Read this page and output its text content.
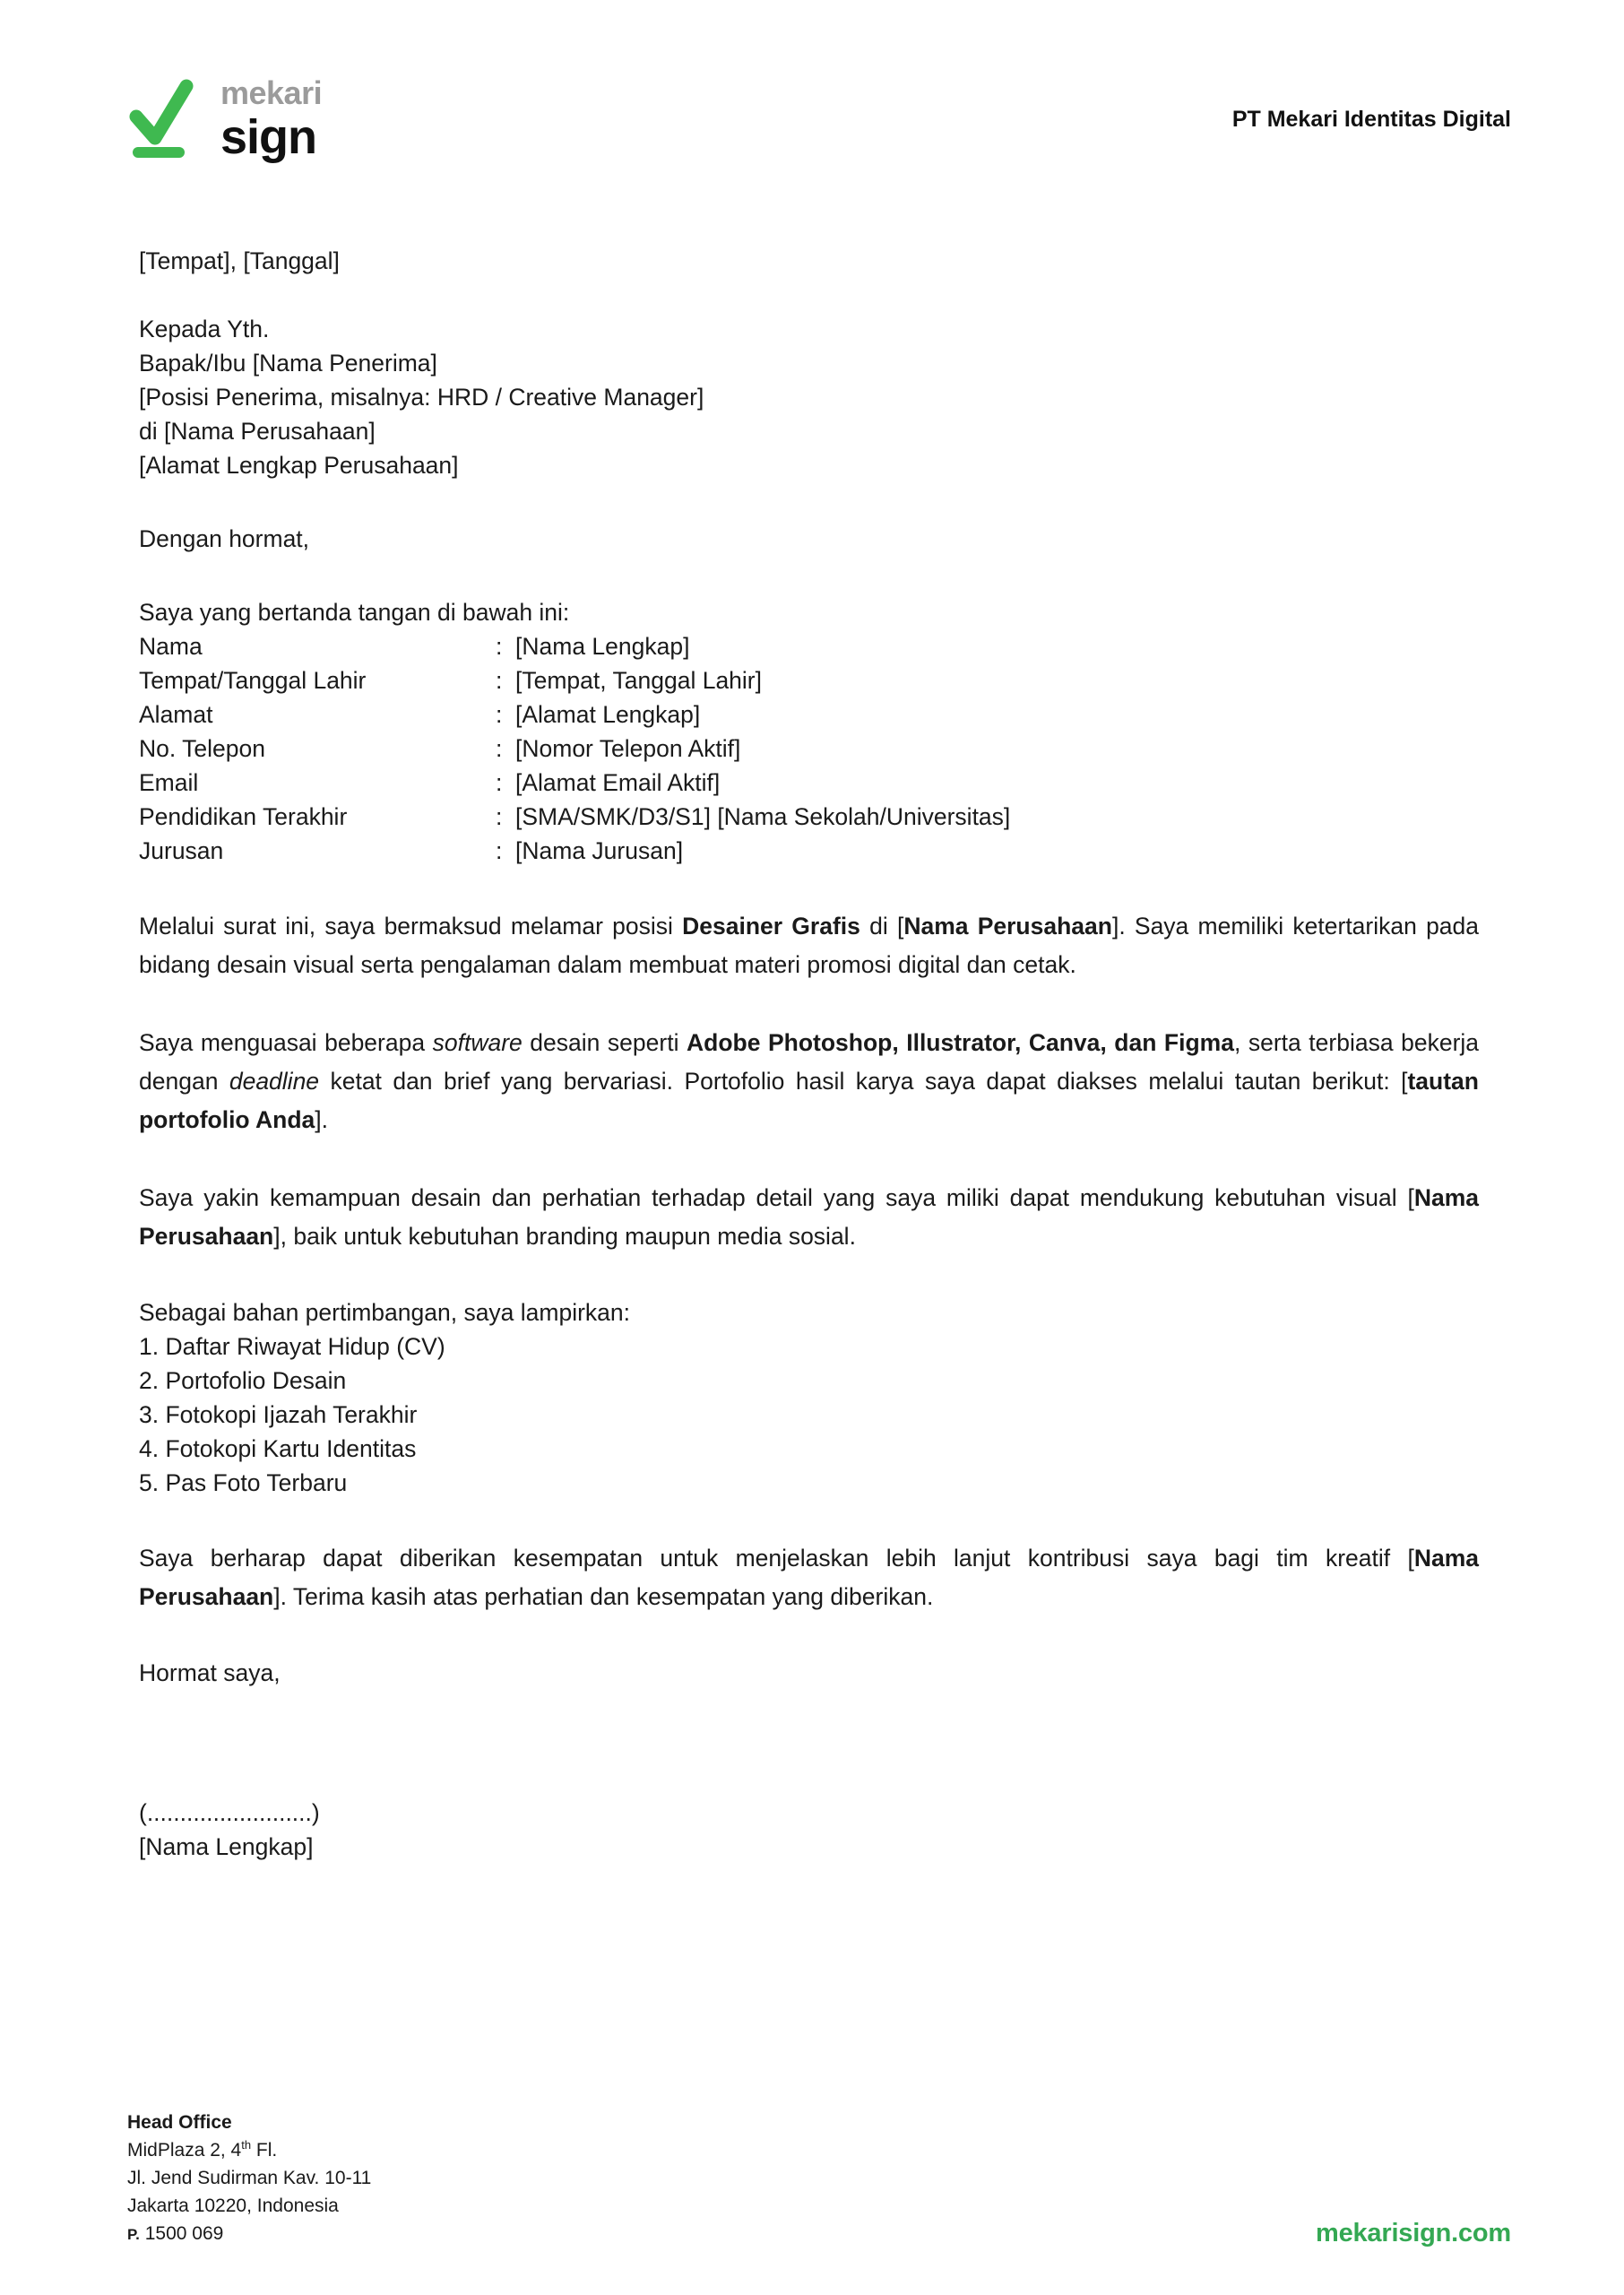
mekari
sign	PT Mekari Identitas Digital
[Tempat], [Tanggal]
Kepada Yth.
Bapak/Ibu [Nama Penerima]
[Posisi Penerima, misalnya: HRD / Creative Manager]
di [Nama Perusahaan]
[Alamat Lengkap Perusahaan]
Dengan hormat,
Saya yang bertanda tangan di bawah ini:
Nama	:	[Nama Lengkap]
Tempat/Tanggal Lahir	:	[Tempat, Tanggal Lahir]
Alamat	:	[Alamat Lengkap]
No. Telepon	:	[Nomor Telepon Aktif]
Email	:	[Alamat Email Aktif]
Pendidikan Terakhir	:	[SMA/SMK/D3/S1] [Nama Sekolah/Universitas]
Jurusan	:	[Nama Jurusan]

Melalui surat ini, saya bermaksud melamar posisi Desainer Grafis di [Nama Perusahaan]. Saya memiliki ketertarikan pada bidang desain visual serta pengalaman dalam membuat materi promosi digital dan cetak.

Saya menguasai beberapa software desain seperti Adobe Photoshop, Illustrator, Canva, dan Figma, serta terbiasa bekerja dengan deadline ketat dan brief yang bervariasi. Portofolio hasil karya saya dapat diakses melalui tautan berikut: [tautan portofolio Anda].

Saya yakin kemampuan desain dan perhatian terhadap detail yang saya miliki dapat mendukung kebutuhan visual [Nama Perusahaan], baik untuk kebutuhan branding maupun media sosial.

Sebagai bahan pertimbangan, saya lampirkan:
1. Daftar Riwayat Hidup (CV)
2. Portofolio Desain
3. Fotokopi Ijazah Terakhir
4. Fotokopi Kartu Identitas
5. Pas Foto Terbaru

Saya berharap dapat diberikan kesempatan untuk menjelaskan lebih lanjut kontribusi saya bagi tim kreatif [Nama Perusahaan]. Terima kasih atas perhatian dan kesempatan yang diberikan.

Hormat saya,
(.........................)
[Nama Lengkap]
Head Office
MidPlaza 2, 4th Fl.
Jl. Jend Sudirman Kav. 10-11
Jakarta 10220, Indonesia
P. 1500 069	mekarisign.com
